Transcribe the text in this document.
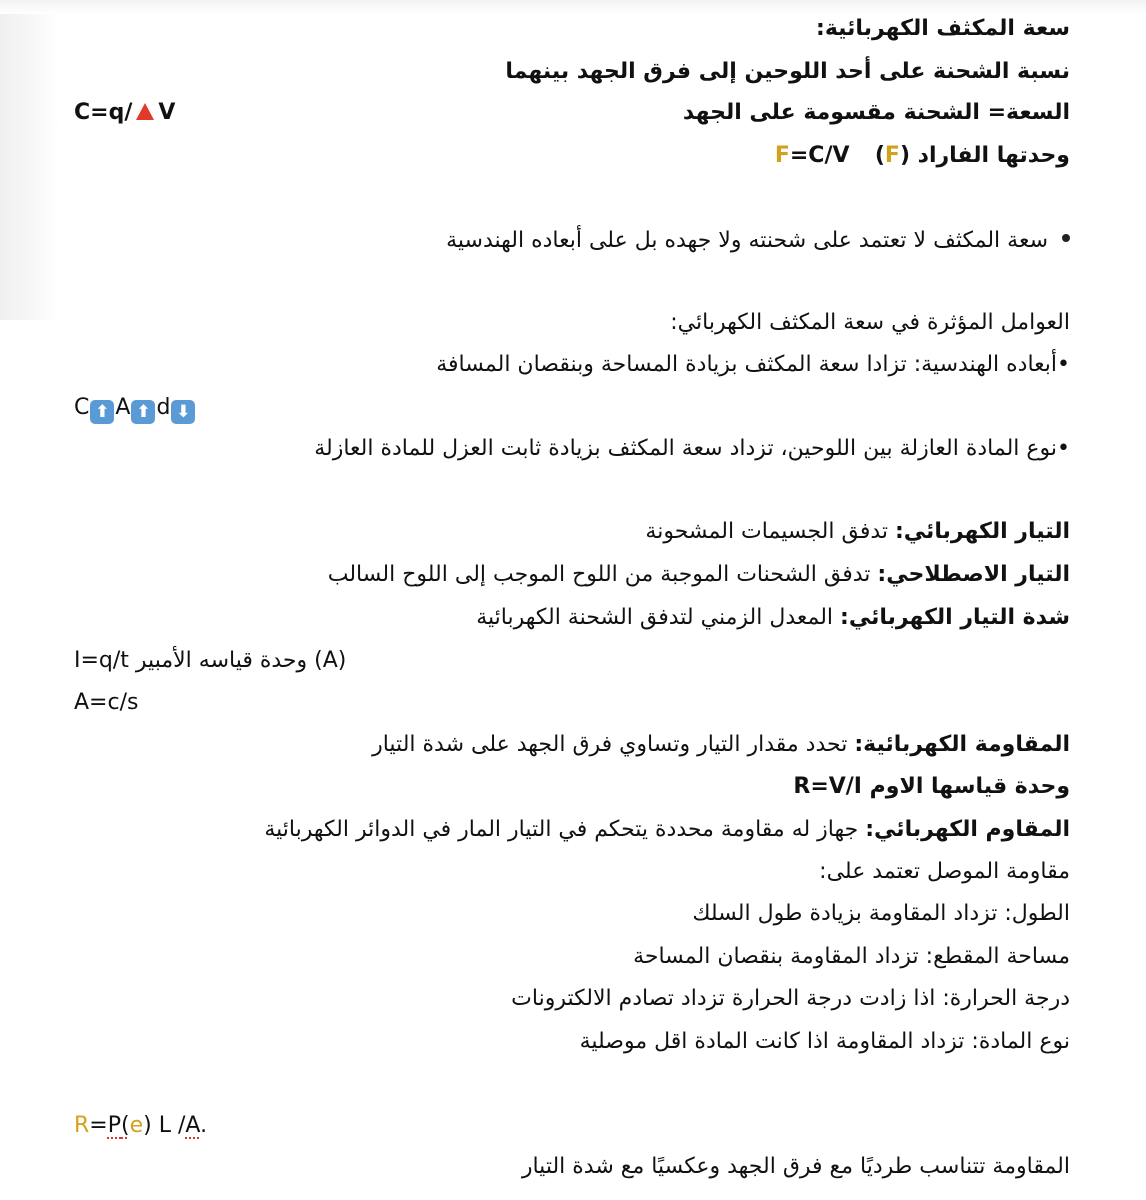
سعة المكثف الكهربائية:
نسبة الشحنة على أحد اللوحين إلى فرق الجهد بينهما
السعة= الشحنة مقسومة على الجهد
C=q/ V
وحدتها الفاراد (F)  F=C/V
سعة المكثف لا تعتمد على شحنته ولا جهده بل على أبعاده الهندسية
العوامل المؤثرة في سعة المكثف الكهربائي:
•أبعاده الهندسية: تزادا سعة المكثف بزيادة المساحة وبنقصان المسافة
C ⬆ A ⬆ d ⬇
•نوع المادة العازلة بين اللوحين، تزداد سعة المكثف بزيادة ثابت العزل للمادة العازلة
التيار الكهربائي: تدفق الجسيمات المشحونة
التيار الاصطلاحي: تدفق الشحنات الموجبة من اللوح الموجب إلى اللوح السالب
شدة التيار الكهربائي: المعدل الزمني لتدفق الشحنة الكهربائية
I=q/t وحدة قياسه الأمبير (A)
A=c/s
المقاومة الكهربائية: تحدد مقدار التيار وتساوي فرق الجهد على شدة التيار
وحدة قياسها الاوم R=V/I
المقاوم الكهربائي: جهاز له مقاومة محددة يتحكم في التيار المار في الدوائر الكهربائية
مقاومة الموصل تعتمد على:
الطول: تزداد المقاومة بزيادة طول السلك
مساحة المقطع: تزداد المقاومة بنقصان المساحة
درجة الحرارة: اذا زادت درجة الحرارة تزداد تصادم الالكترونات
نوع المادة: تزداد المقاومة اذا كانت المادة اقل موصلية
R=P(e) L /A.
المقاومة تتناسب طرديًا مع فرق الجهد وعكسيًا مع شدة التيار
